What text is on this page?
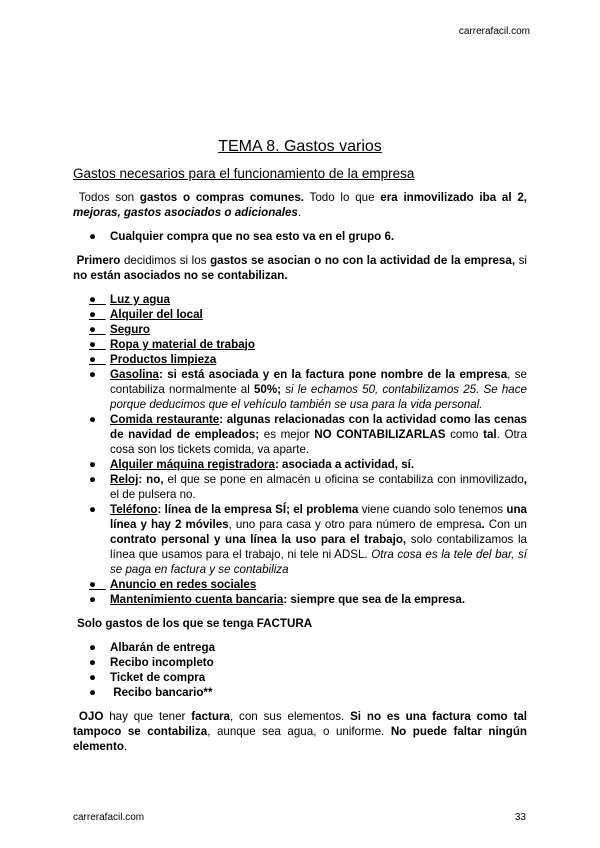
carrerafacil.com
TEMA 8. Gastos varios
Gastos necesarios para el funcionamiento de la empresa

Todos son gastos o compras comunes. Todo lo que era inmovilizado iba al 2, mejoras, gastos asociados o adicionales.

● Cualquier compra que no sea esto va en el grupo 6.

Primero decidimos si los gastos se asocian o no con la actividad de la empresa, si no están asociados no se contabilizan.

● Luz y agua
● Alquiler del local
● Seguro
● Ropa y material de trabajo
● Productos limpieza
● Gasolina: si está asociada y en la factura pone nombre de la empresa, se contabiliza normalmente al 50%; si le echamos 50, contabilizamos 25. Se hace porque deducimos que el vehículo también se usa para la vida personal.
● Comida restaurante: algunas relacionadas con la actividad como las cenas de navidad de empleados; es mejor NO CONTABILIZARLAS como tal. Otra cosa son los tickets comida, va aparte.
● Alquiler máquina registradora: asociada a actividad, sí.
● Reloj: no, el que se pone en almacén u oficina se contabiliza con inmovilizado, el de pulsera no.
● Teléfono: línea de la empresa SÍ; el problema viene cuando solo tenemos una línea y hay 2 móviles, uno para casa y otro para número de empresa. Con un contrato personal y una línea la uso para el trabajo, solo contabilizamos la línea que usamos para el trabajo, ni tele ni ADSL. Otra cosa es la tele del bar, sí se paga en factura y se contabiliza
● Anuncio en redes sociales
● Mantenimiento cuenta bancaria: siempre que sea de la empresa.

Solo gastos de los que se tenga FACTURA

● Albarán de entrega
● Recibo incompleto
● Ticket de compra
● Recibo bancario**

OJO hay que tener factura, con sus elementos. Si no es una factura como tal tampoco se contabiliza, aunque sea agua, o uniforme. No puede faltar ningún elemento.

carrerafacil.com	33
